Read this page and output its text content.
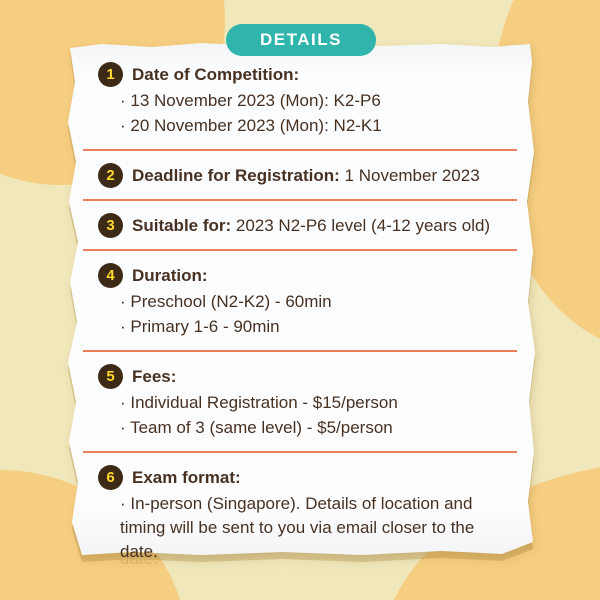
1 Date of Competition:

· 13 November 2023 (Mon): K2-P6

· 20 November 2023 (Mon): N2-K1

2 Deadline for Registration: 1 November 2023

3 Suitable for: 2023 N2-P6 level (4-12 years old)

4 Duration:

· Preschool (N2-K2) - 60min

· Primary 1-6 - 90min

5 Fees:

· Individual Registration - $15/person

· Team of 3 (same level) - $5/person

6 Exam format:

· In-person (Singapore). Details of location and timing will be sent to you via email closer to the date.

DETAILS
